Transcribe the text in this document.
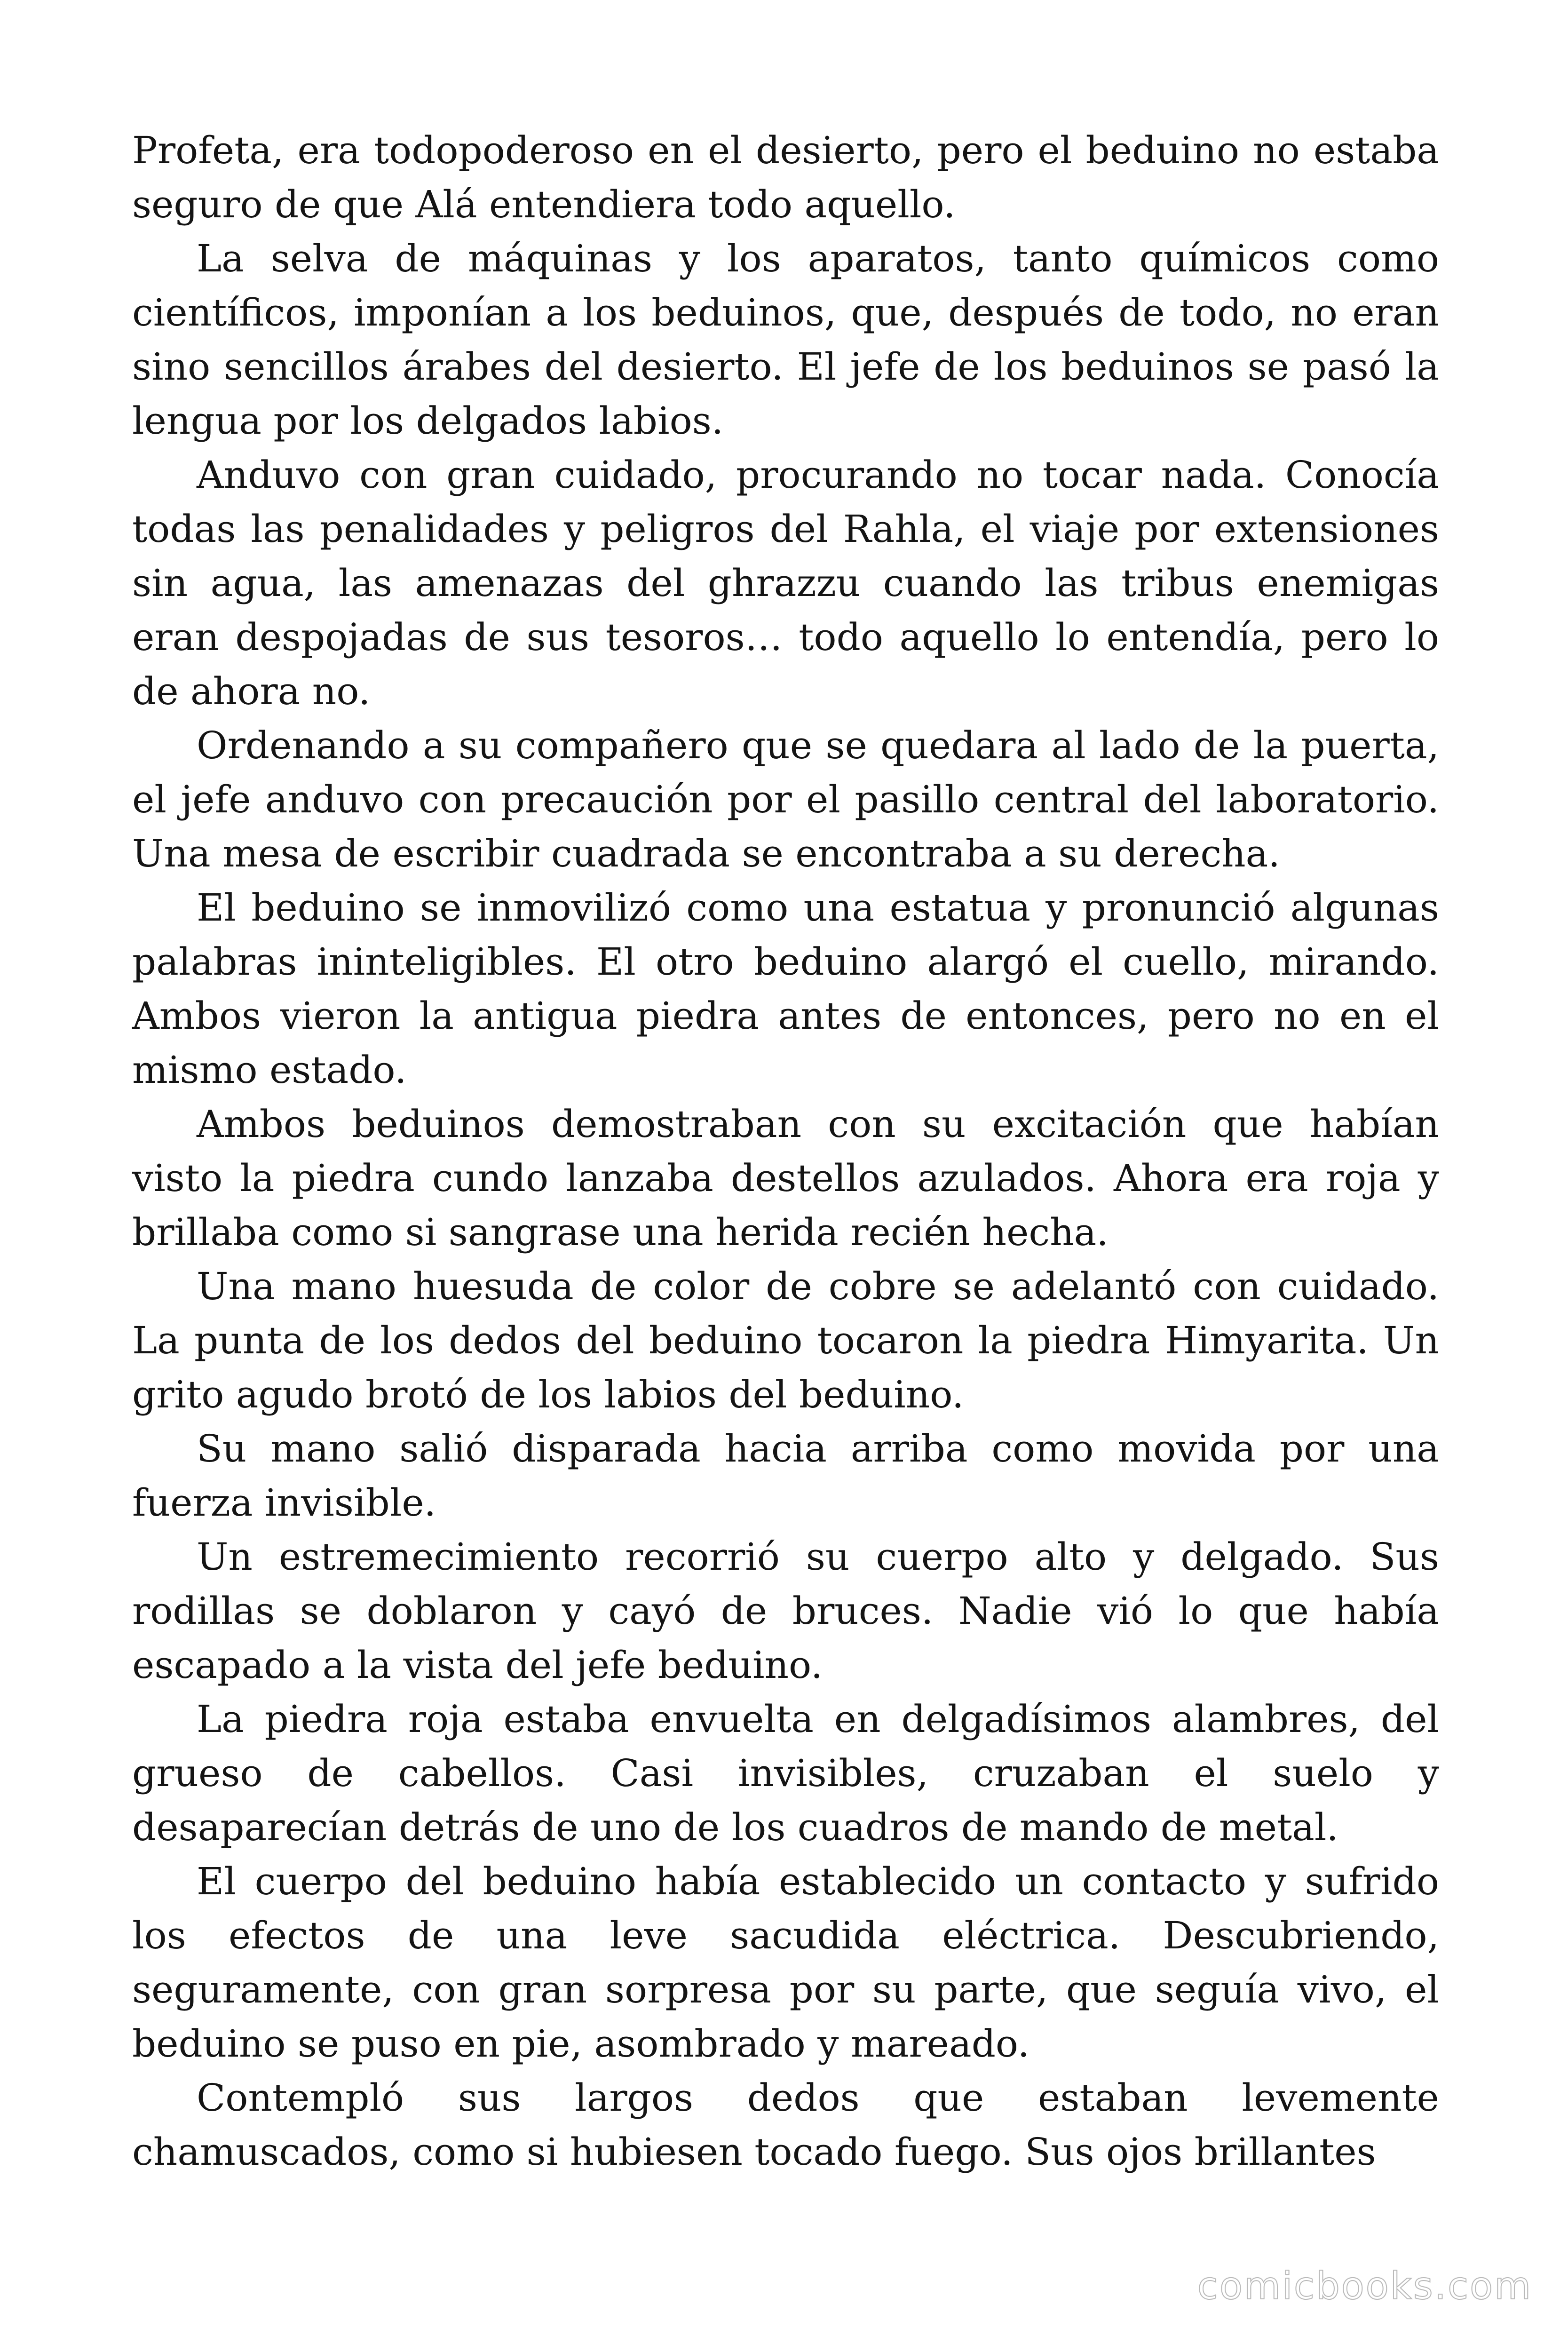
Profeta, era todopoderoso en el desierto, pero el beduino no estaba seguro de que Alá entendiera todo aquello.

La selva de máquinas y los aparatos, tanto químicos como científicos, imponían a los beduinos, que, después de todo, no eran sino sencillos árabes del desierto. El jefe de los beduinos se pasó la lengua por los delgados labios.

Anduvo con gran cuidado, procurando no tocar nada. Conocía todas las penalidades y peligros del Rahla, el viaje por extensiones sin agua, las amenazas del ghrazzu cuando las tribus enemigas eran despojadas de sus tesoros… todo aquello lo entendía, pero lo de ahora no.

Ordenando a su compañero que se quedara al lado de la puerta, el jefe anduvo con precaución por el pasillo central del laboratorio. Una mesa de escribir cuadrada se encontraba a su derecha.

El beduino se inmovilizó como una estatua y pronunció algunas palabras ininteligibles. El otro beduino alargó el cuello, mirando. Ambos vieron la antigua piedra antes de entonces, pero no en el mismo estado.

Ambos beduinos demostraban con su excitación que habían visto la piedra cundo lanzaba destellos azulados. Ahora era roja y brillaba como si sangrase una herida recién hecha.

Una mano huesuda de color de cobre se adelantó con cuidado. La punta de los dedos del beduino tocaron la piedra Himyarita. Un grito agudo brotó de los labios del beduino.

Su mano salió disparada hacia arriba como movida por una fuerza invisible.

Un estremecimiento recorrió su cuerpo alto y delgado. Sus rodillas se doblaron y cayó de bruces. Nadie vió lo que había escapado a la vista del jefe beduino.

La piedra roja estaba envuelta en delgadísimos alambres, del grueso de cabellos. Casi invisibles, cruzaban el suelo y desaparecían detrás de uno de los cuadros de mando de metal.

El cuerpo del beduino había establecido un contacto y sufrido los efectos de una leve sacudida eléctrica. Descubriendo, seguramente, con gran sorpresa por su parte, que seguía vivo, el beduino se puso en pie, asombrado y mareado.

Contempló sus largos dedos que estaban levemente chamuscados, como si hubiesen tocado fuego. Sus ojos brillantes

comicbooks.com
